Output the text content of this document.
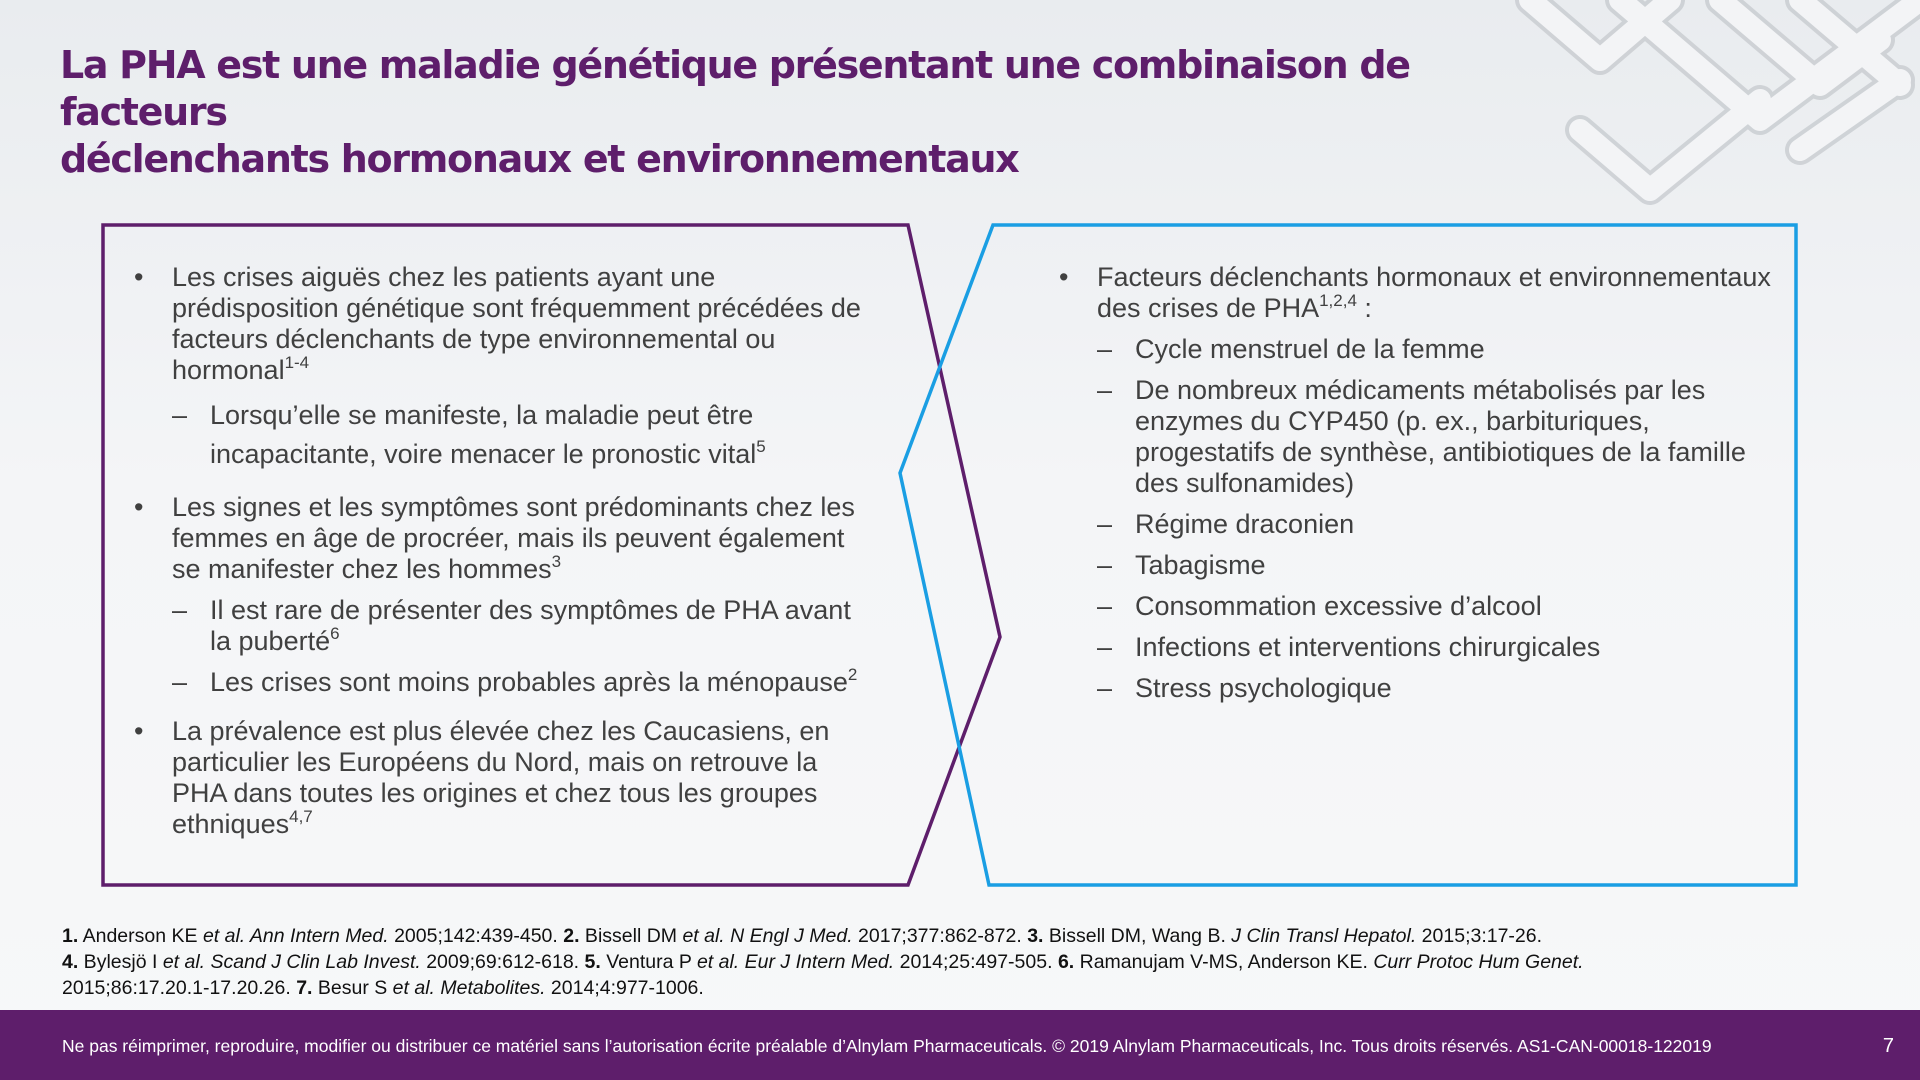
La PHA est une maladie génétique présentant une combinaison de facteurs
déclenchants hormonaux et environnementaux
• Les crises aiguës chez les patients ayant une prédisposition génétique sont fréquemment précédées de facteurs déclenchants de type environnemental ou hormonal$^{1-4}$
– Lorsqu’elle se manifeste, la maladie peut être incapacitante, voire menacer le pronostic vital$^5$
• Les signes et les symptômes sont prédominants chez les femmes en âge de procréer, mais ils peuvent également se manifester chez les hommes$^3$
– Il est rare de présenter des symptômes de PHA avant la puberté$^6$
– Les crises sont moins probables après la ménopause$^2$
• La prévalence est plus élevée chez les Caucasiens, en particulier les Européens du Nord, mais on retrouve la PHA dans toutes les origines et chez tous les groupes ethniques$^{4,7}$
• Facteurs déclenchants hormonaux et environnementaux des crises de PHA$^{1,2,4}$ :
– Cycle menstruel de la femme
– De nombreux médicaments métabolisés par les enzymes du CYP450 (p. ex., barbituriques, progestatifs de synthèse, antibiotiques de la famille des sulfonamides)
– Régime draconien
– Tabagisme
– Consommation excessive d’alcool
– Infections et interventions chirurgicales
– Stress psychologique
1. Anderson KE et al. Ann Intern Med. 2005;142:439-450. 2. Bissell DM et al. N Engl J Med. 2017;377:862-872. 3. Bissell DM, Wang B. J Clin Transl Hepatol. 2015;3:17-26.
4. Bylesjö I et al. Scand J Clin Lab Invest. 2009;69:612-618. 5. Ventura P et al. Eur J Intern Med. 2014;25:497-505. 6. Ramanujam V-MS, Anderson KE. Curr Protoc Hum Genet.
2015;86:17.20.1-17.20.26. 7. Besur S et al. Metabolites. 2014;4:977-1006.
Ne pas réimprimer, reproduire, modifier ou distribuer ce matériel sans l’autorisation écrite préalable d’Alnylam Pharmaceuticals. © 2019 Alnylam Pharmaceuticals, Inc. Tous droits réservés. AS1-CAN-00018-122019	7
